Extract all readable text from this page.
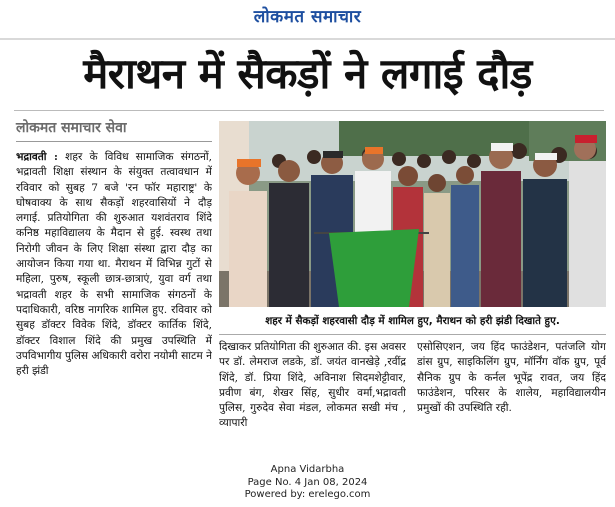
लोकमत समाचार
मैराथन में सैकड़ों ने लगाई दौड़
लोकमत समाचार सेवा
भद्रावती : शहर के विविध सामाजिक संगठनों, भद्रावती शिक्षा संस्थान के संयुक्त तत्वावधान में रविवार को सुबह 7 बजे 'रन फॉर महाराष्ट्र' के घोषवाक्य के साथ सैकड़ों शहरवासियों ने दौड़ लगाई. प्रतियोगिता की शुरुआत यशवंतराव शिंदे कनिष्ठ महाविद्यालय के मैदान से हुई. स्वस्थ तथा निरोगी जीवन के लिए शिक्षा संस्था द्वारा दौड़ का आयोजन किया गया था. मैराथन में विभिन्न गुटों से महिला, पुरुष, स्कूली छात्र-छात्राएं, युवा वर्ग तथा भद्रावती शहर के सभी सामाजिक संगठनों के पदाधिकारी, वरिष्ठ नागरिक शामिल हुए. रविवार को सुबह डॉक्टर विवेक शिंदे, डॉक्टर कार्तिक शिंदे, डॉक्टर विशाल शिंदे की प्रमुख उपस्थिति में उपविभागीय पुलिस अधिकारी वरोरा नयोमी साटम ने हरी झंडी
शहर में सैकड़ों शहरवासी दौड़ में शामिल हुए, मैराथन को हरी झंडी दिखाते हुए.
दिखाकर प्रतियोगिता की शुरुआत की. इस अवसर पर डॉ. लेमराज लडके, डॉ. जयंत वानखेड़े ,रवींद्र शिंदे, डॉ. प्रिया शिंदे, अविनाश सिदमशेट्टीवार, प्रवीण बंग, शेखर सिंह, सुधीर वर्मा,भद्रावती पुलिस, गुरुदेव सेवा मंडल, लोकमत सखी मंच , व्यापारी
एसोसिएशन, जय हिंद फाउंडेशन, पतंजलि योग डांस ग्रुप, साइकिलिंग ग्रुप, मॉर्निंग वॉक ग्रुप, पूर्व सैनिक ग्रुप के कर्नल भूपेंद्र रावत, जय हिंद फाउंडेशन, परिसर के शालेय, महाविद्यालयीन प्रमुखों की उपस्थिति रही.
Apna Vidarbha
Page No. 4 Jan 08, 2024
Powered by: erelego.com
